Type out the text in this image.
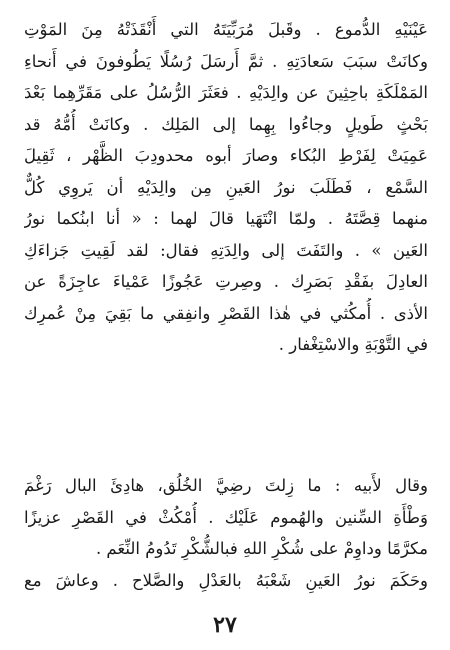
عَيْنَيْهِ الدُّموع . وقَبلَ مُرَبِّيَتَهُ التي أَنْقَذَتْهُ مِنَ المَوْتِ
وكانَتْ سبَبَ سَعادَتِهِ . ثمَّ أَرسَلَ رُسُلًا يَطُوفونَ في أَنحاءِ
المَمْلَكَةِ باحِثِينَ عن والِدَيْهِ . فعَثَرَ الرُّسُلُ على مَقَرِّهِما بَعْدَ
بَحْثٍ طَويلٍ وجاءُوا بِهِما إلى المَلِك . وكانَتْ أُمُّهُ قد
عَمِيَتْ لِفَرْطِ البُكاء وصارَ أبوه محدودِبَ الظَّهْر ، ثَقِيلَ
السَّمْع ، فَطَلَبَ نورُ العَينِ مِن والِدَيْهِ أن يَروِي كُلٌّ
منهما قِصَّتَهُ . ولمّا انْتَهَيا قالَ لهما : « أنا ابنُكما نورُ
العَين » . والتَفَتَ إلى والِدَتِهِ فقال: لقد لَقِيتِ جَزاءَكِ
العادِلَ بفَقْدِ بَصَرِك . وصِرتِ عَجُوزًا عَمْياءَ عاجِزَةً عن
الأذى . أُمكُثي في هٰذا القَصْرِ وانفِقي ما بَقِيَ مِنْ عُمرِك
في التَّوْبَةِ والاسْتِغْفار .
وقال لأَبيه : ما زِلتَ رضِيَّ الخُلُق، هادِئَ البال رَغْمَ
وَطْأَةِ السِّنين والهُموم عَلَيْك . أُمْكُثْ في القَصْرِ عزيزًا
مكرَّمًا وداوِمْ على شُكْرِ اللهِ فبالشُّكْرِ تَدُومُ النِّعَم .
وحَكَمَ نورُ العَينِ شَعْبَهُ بالعَدْلِ والصَّلاح . وعاشَ مع
٢٧
